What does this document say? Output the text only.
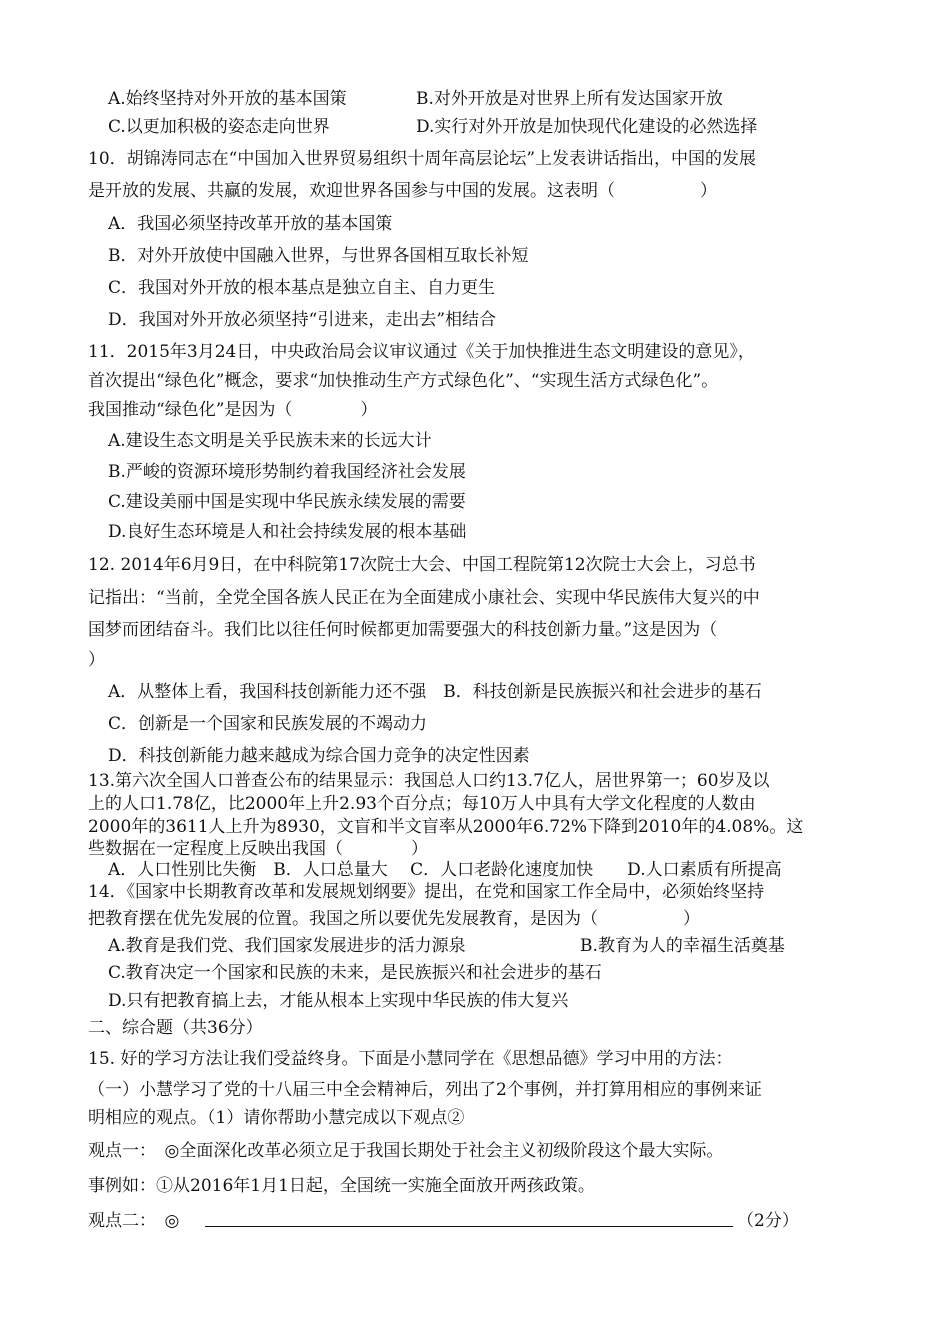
A.始终坚持对外开放的基本国策	B.对外开放是对世界上所有发达国家开放
C.以更加积极的姿态走向世界	D.实行对外开放是加快现代化建设的必然选择
10．胡锦涛同志在“中国加入世界贸易组织十周年高层论坛”上发表讲话指出，中国的发展
是开放的发展、共赢的发展，欢迎世界各国参与中国的发展。这表明（　　　　　）
A．我国必须坚持改革开放的基本国策
B．对外开放使中国融入世界，与世界各国相互取长补短
C．我国对外开放的根本基点是独立自主、自力更生
D．我国对外开放必须坚持“引进来，走出去”相结合
11．2015年3月24日，中央政治局会议审议通过《关于加快推进生态文明建设的意见》，
首次提出“绿色化”概念，要求“加快推动生产方式绿色化”、“实现生活方式绿色化”。
我国推动“绿色化”是因为（　　　　）
A.建设生态文明是关乎民族未来的长远大计
B.严峻的资源环境形势制约着我国经济社会发展
C.建设美丽中国是实现中华民族永续发展的需要
D.良好生态环境是人和社会持续发展的根本基础
12. 2014年6月9日，在中科院第17次院士大会、中国工程院第12次院士大会上，习总书
记指出：“当前，全党全国各族人民正在为全面建成小康社会、实现中华民族伟大复兴的中
国梦而团结奋斗。我们比以往任何时候都更加需要强大的科技创新力量。”这是因为（
）
A．从整体上看，我国科技创新能力还不强　B．科技创新是民族振兴和社会进步的基石
C．创新是一个国家和民族发展的不竭动力
D．科技创新能力越来越成为综合国力竞争的决定性因素
13.第六次全国人口普查公布的结果显示：我国总人口约13.7亿人，居世界第一；60岁及以
上的人口1.78亿，比2000年上升2.93个百分点；每10万人中具有大学文化程度的人数由
2000年的3611人上升为8930，文盲和半文盲率从2000年6.72%下降到2010年的4.08%。这
些数据在一定程度上反映出我国（　　　　）
A．人口性别比失衡　B．人口总量大　 C．人口老龄化速度加快　　D.人口素质有所提高
14．《国家中长期教育改革和发展规划纲要》提出，在党和国家工作全局中，必须始终坚持
把教育摆在优先发展的位置。我国之所以要优先发展教育，是因为（　　　　　）
A.教育是我们党、我们国家发展进步的活力源泉	B.教育为人的幸福生活奠基
C.教育决定一个国家和民族的未来，是民族振兴和社会进步的基石
D.只有把教育搞上去，才能从根本上实现中华民族的伟大复兴
二、综合题（共36分）
15. 好的学习方法让我们受益终身。下面是小慧同学在《思想品德》学习中用的方法：
（一）小慧学习了党的十八届三中全会精神后，列出了2个事例，并打算用相应的事例来证
明相应的观点。（1）请你帮助小慧完成以下观点②
观点一：　◎全面深化改革必须立足于我国长期处于社会主义初级阶段这个最大实际。
事例如：①从2016年1月1日起，全国统一实施全面放开两孩政策。
观点二：　◎	（2分）
